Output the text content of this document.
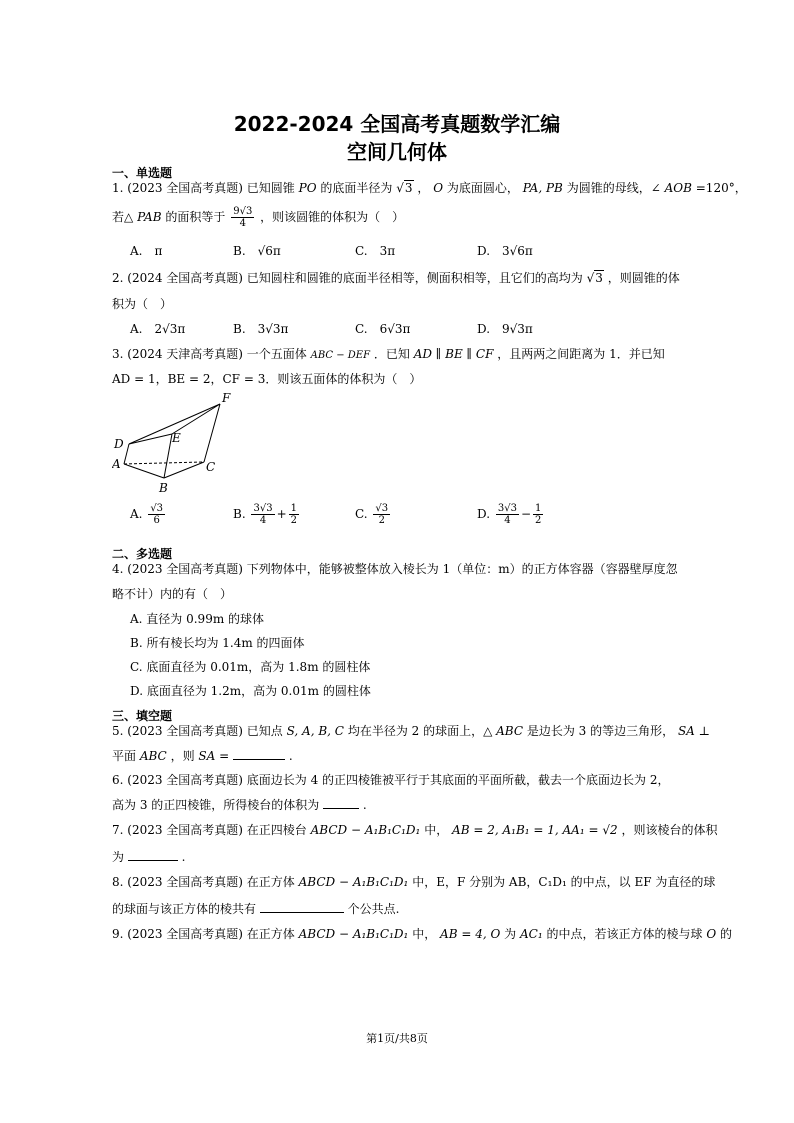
2022-2024 全国高考真题数学汇编
空间几何体
一、单选题
1. (2023 全国高考真题) 已知圆锥 PO 的底面半径为 √3 ， O 为底面圆心， PA, PB 为圆锥的母线，∠ AOB =120°，
若△ PAB 的面积等于 $\frac{9√3}{4}$ ，则该圆锥的体积为（　）
A.　π	B.　√6π	C.　3π	D.　3√6π
2. (2024 全国高考真题) 已知圆柱和圆锥的底面半径相等，侧面积相等，且它们的高均为 √3 ，则圆锥的体
积为（　）
A.　2√3π	B.　3√3π	C.　6√3π	D.　9√3π
3. (2024 天津高考真题) 一个五面体 ABC − DEF ．已知 AD ∥ BE ∥ CF ，且两两之间距离为 1．并已知
AD = 1，BE = 2，CF = 3．则该五面体的体积为（　）
F
E
D
A	C
B
A. $\frac{√3}{6}$	B. $\frac{3√3}{4} + \frac{1}{2}$	C. $\frac{√3}{2}$	D. $\frac{3√3}{4} - \frac{1}{2}$
二、多选题
4. (2023 全国高考真题) 下列物体中，能够被整体放入棱长为 1（单位：m）的正方体容器（容器壁厚度忽
略不计）内的有（　）
A. 直径为 0.99m 的球体
B. 所有棱长均为 1.4m 的四面体
C. 底面直径为 0.01m，高为 1.8m 的圆柱体
D. 底面直径为 1.2m，高为 0.01m 的圆柱体
三、填空题
5. (2023 全国高考真题) 已知点 S, A, B, C 均在半径为 2 的球面上，△ ABC 是边长为 3 的等边三角形， SA ⊥
平面 ABC ，则 SA =	.
6. (2023 全国高考真题) 底面边长为 4 的正四棱锥被平行于其底面的平面所截，截去一个底面边长为 2，
高为 3 的正四棱锥，所得棱台的体积为	.
7. (2023 全国高考真题) 在正四棱台 ABCD − A₁B₁C₁D₁ 中， AB = 2, A₁B₁ = 1, AA₁ = √2 ，则该棱台的体积
为	.
8. (2023 全国高考真题) 在正方体 ABCD − A₁B₁C₁D₁ 中，E，F 分别为 AB，C₁D₁ 的中点，以 EF 为直径的球
的球面与该正方体的棱共有	个公共点.
9. (2023 全国高考真题) 在正方体 ABCD − A₁B₁C₁D₁ 中， AB = 4, O 为 AC₁ 的中点，若该正方体的棱与球 O 的
第1页/共8页
